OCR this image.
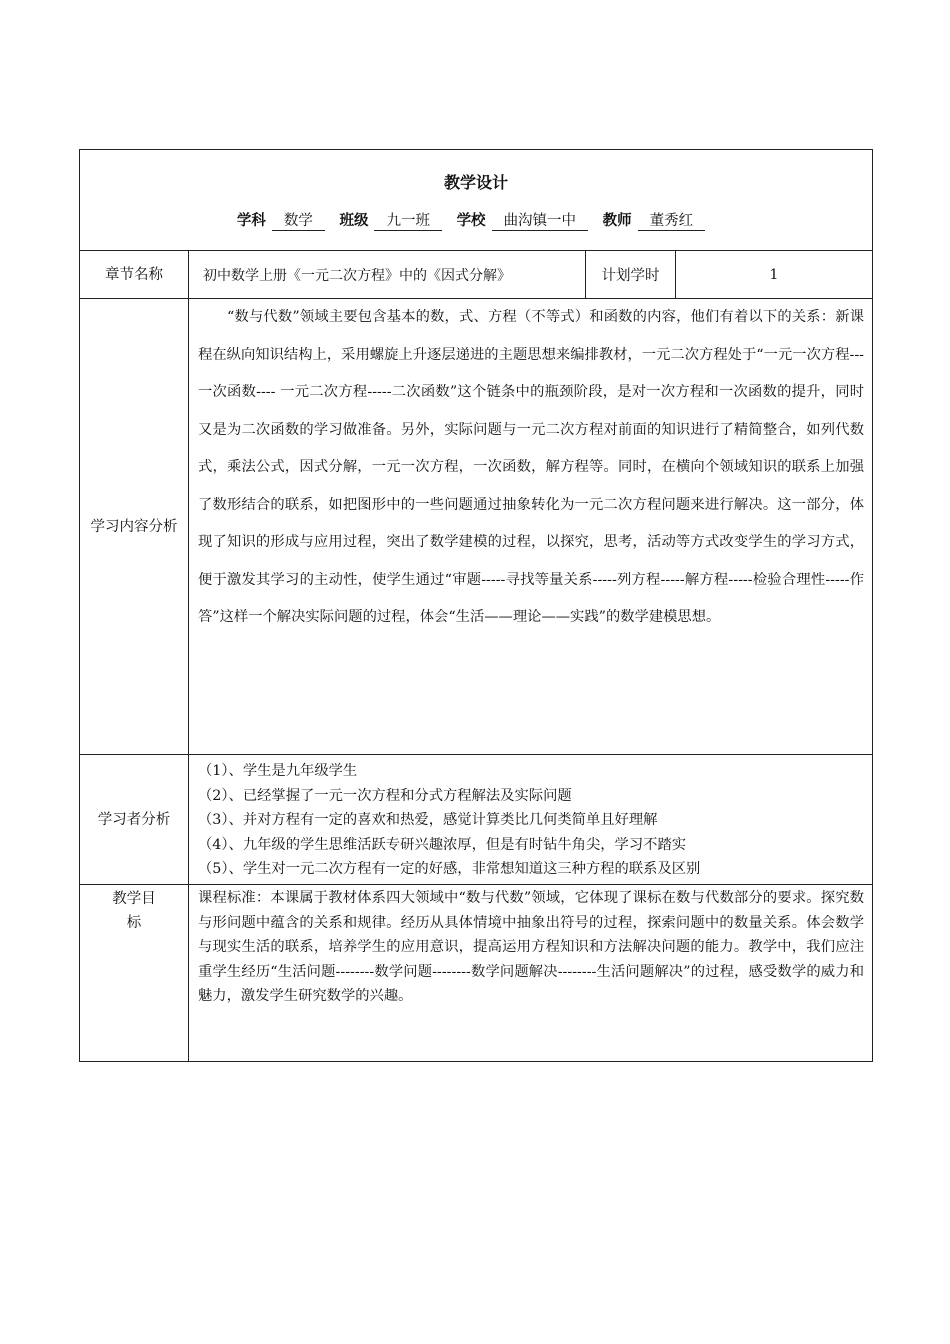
教学设计
学科 数学 班级 九一班 学校 曲沟镇一中 教师 董秀红			

章节名称	初中数学上册《一元二次方程》中的《因式分解》	计划学时	1
学习内容分析	“数与代数”领域主要包含基本的数，式、方程（不等式）和函数的内容，他们有着以下的关系：新课程在纵向知识结构上，采用螺旋上升逐层递进的主题思想来编排教材，一元二次方程处于“一元一次方程--- 一次函数---- 一元二次方程-----二次函数”这个链条中的瓶颈阶段，是对一次方程和一次函数的提升，同时又是为二次函数的学习做准备。另外，实际问题与一元二次方程对前面的知识进行了精简整合，如列代数式，乘法公式，因式分解，一元一次方程，一次函数，解方程等。同时，在横向个领域知识的联系上加强了数形结合的联系，如把图形中的一些问题通过抽象转化为一元二次方程问题来进行解决。这一部分，体现了知识的形成与应用过程，突出了数学建模的过程，以探究，思考，活动等方式改变学生的学习方式，便于激发其学习的主动性，使学生通过“审题-----寻找等量关系-----列方程-----解方程-----检验合理性-----作答”这样一个解决实际问题的过程，体会“生活——理论——实践”的数学建模思想。		

学习者分析	（1）、学生是九年级学生
（2）、已经掌握了一元一次方程和分式方程解法及实际问题
（3）、并对方程有一定的喜欢和热爱，感觉计算类比几何类简单且好理解
（4）、九年级的学生思维活跃专研兴趣浓厚，但是有时钻牛角尖，学习不踏实
（5）、学生对一元二次方程有一定的好感，非常想知道这三种方程的联系及区别		

教学目标	课程标准：本课属于教材体系四大领域中“数与代数”领域，它体现了课标在数与代数部分的要求。探究数与形问题中蕴含的关系和规律。经历从具体情境中抽象出符号的过程，探索问题中的数量关系。体会数学与现实生活的联系，培养学生的应用意识，提高运用方程知识和方法解决问题的能力。教学中，我们应注重学生经历“生活问题--------数学问题--------数学问题解决--------生活问题解决”的过程，感受数学的威力和魅力，激发学生研究数学的兴趣。		
